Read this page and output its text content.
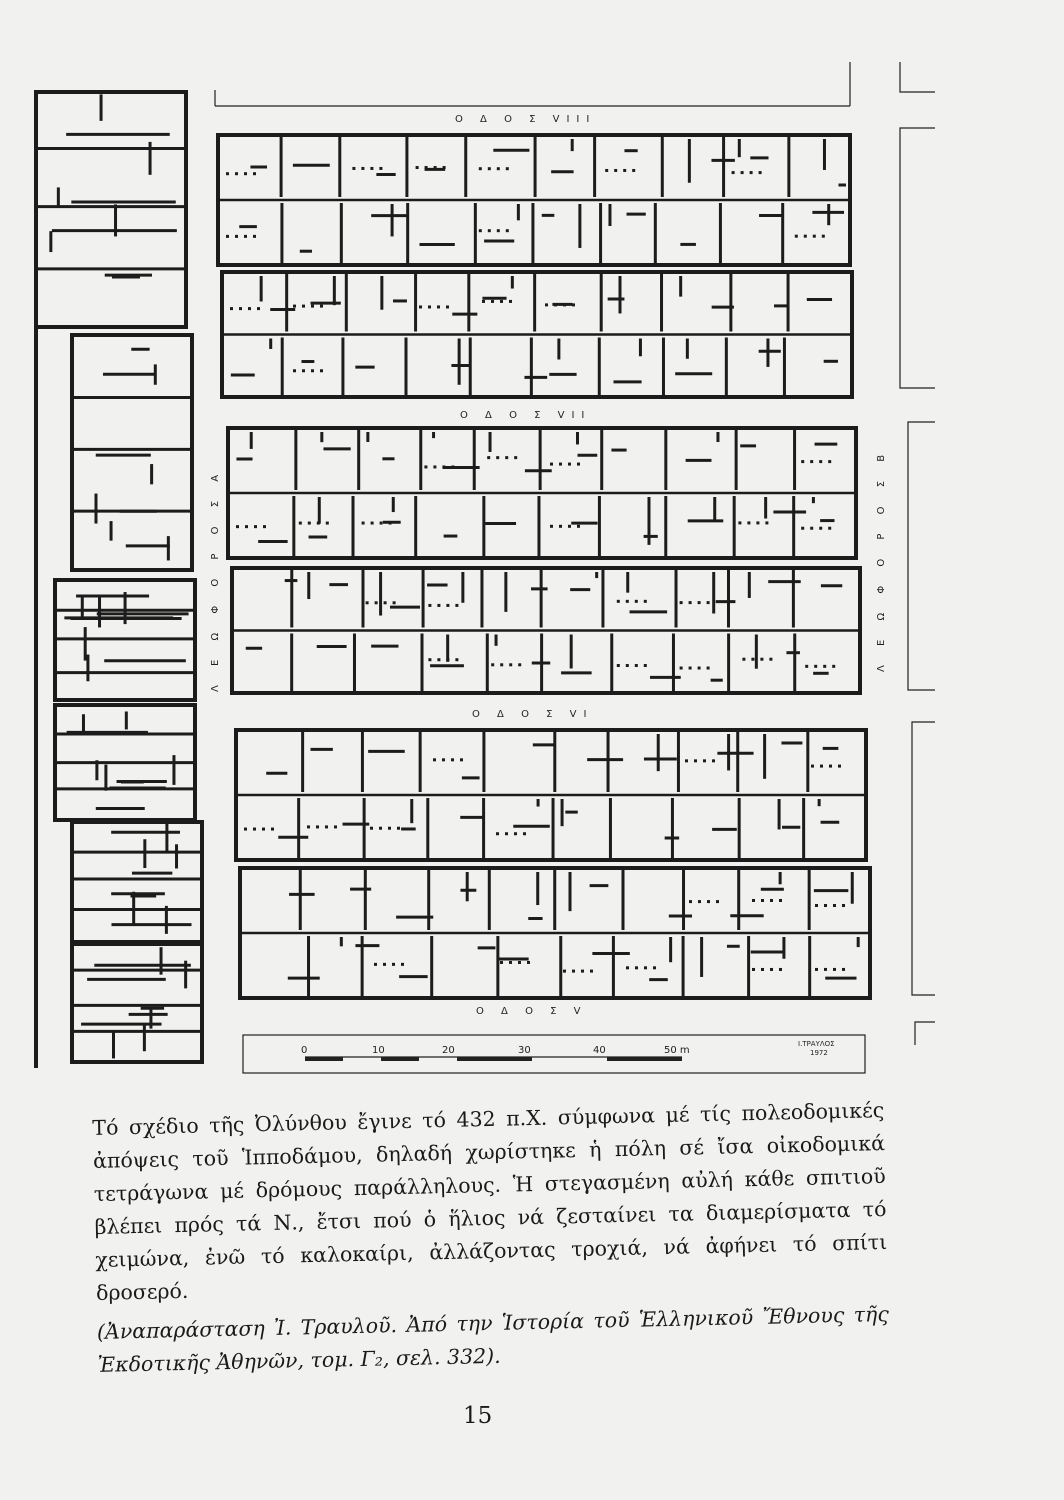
Ο Δ Ο Σ VIII
Ο Δ Ο Σ VII
Ο Δ Ο Σ VI
Ο Δ Ο Σ V
Λ Ε Ω Φ Ο Ρ Ο Σ Α	Λ Ε Ω Φ Ο Ρ Ο Σ Β
0	10	20	30	40	50 m
Ι.ΤΡΑΥΛΟΣ
1972

Τό σχέδιο τῆς Ὀλύνθου ἔγινε τό 432 π.Χ. σύμφωνα μέ τίς πολεοδομικές ἀπόψεις τοῦ Ἱπποδάμου, δηλαδή χωρίστηκε ἡ πόλη σέ ἴσα οἰκοδομικά τετράγωνα μέ δρόμους παράλληλους. Ἡ στεγασμένη αὐλή κάθε σπιτιοῦ βλέπει πρός τά Ν., ἔτσι πού ὁ ἥλιος νά ζεσταίνει τα διαμερίσματα τό χειμώνα, ἐνῶ τό καλοκαίρι, ἀλλάζοντας τροχιά, νά ἀφήνει τό σπίτι δροσερό.

(Ἀναπαράσταση Ἰ. Τραυλοῦ. Ἀπό την Ἱστορία τοῦ Ἑλληνικοῦ Ἔθνους τῆς Ἐκδοτικῆς Ἀθηνῶν, τομ. Γ₂, σελ. 332).

15
